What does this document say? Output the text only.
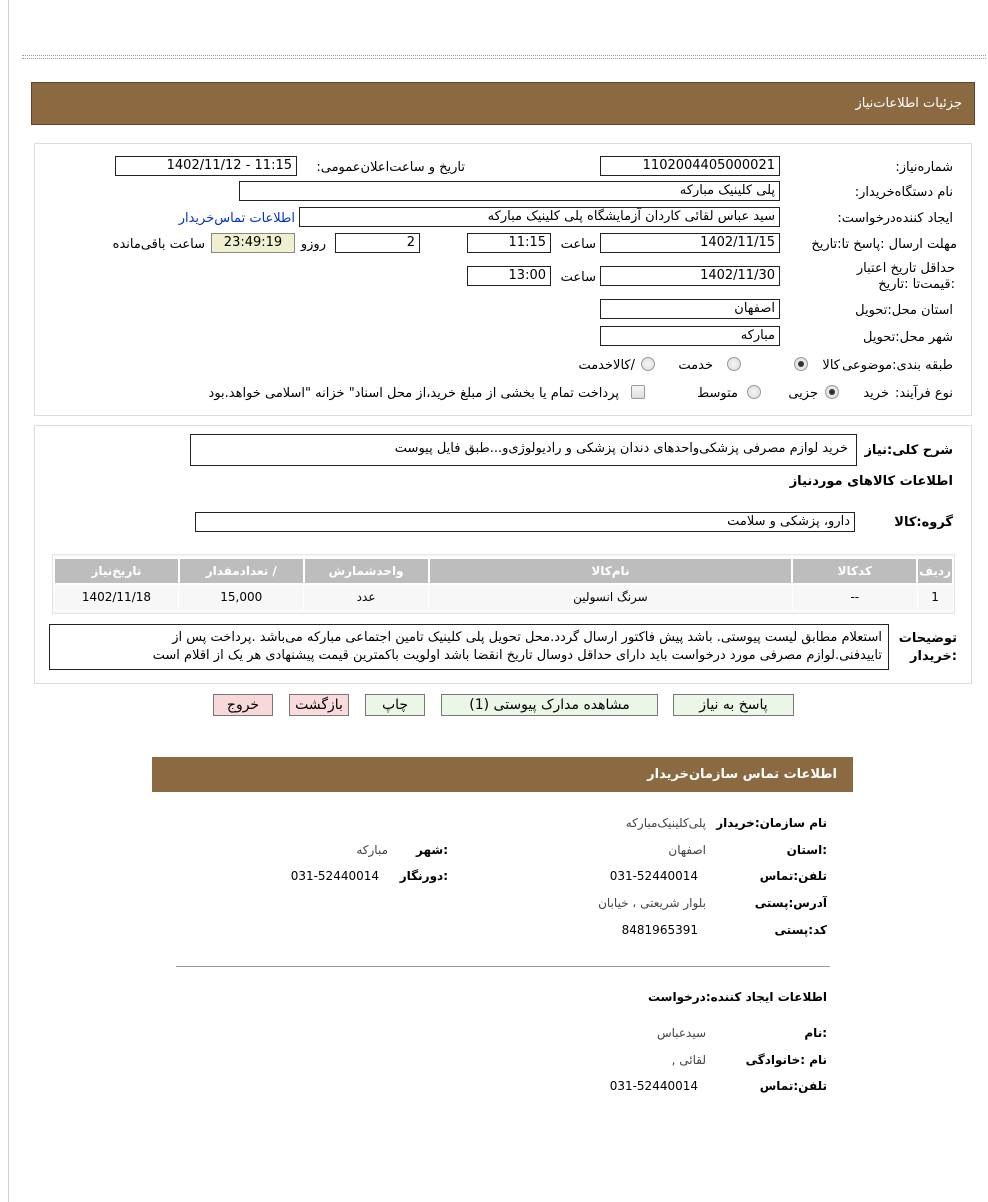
جزئیات اطلاعات‌نیاز
شماره‌نیاز:
1102004405000021
تاریخ و ساعت‌اعلان‌عمومی:
1402/11/12 - 11:15
نام دستگاه‌خریدار:
پلی کلینیک مبارکه
ایجاد کننده‌درخواست:
سید عباس لقائی کاردان آزمایشگاه پلی کلینیک مبارکه
اطلاعات تماس‌خریدار
مهلت ارسال :پاسخ تا:تاریخ
1402/11/15
ساعت
11:15
2
روزو
23:49:19
ساعت باقی‌مانده
حداقل تاریخ اعتبار :قیمت‌تا :تاریخ
1402/11/30
ساعت
13:00
استان محل:تحویل
اصفهان
شهر محل:تحویل
مبارکه
طبقه بندی:موضوعی
کالا
خدمت
/کالاخدمت
نوع فرآیند:
خرید
جزیی
متوسط
پرداخت تمام یا بخشی از مبلغ خرید،از محل اسناد" خزانه "اسلامی خواهد.بود
شرح کلی:نیاز
خرید لوازم مصرفی پزشکی‌واحدهای دندان پزشکی و رادیولوژی‌و...طبق فایل پیوست
اطلاعات کالاهای موردنیاز
گروه:کالا
دارو، پزشکی و سلامت
ردیف	کدکالا	نام‌کالا	واحدشمارش	/ تعدادمقدار	تاریخ‌نیاز
1	--	سرنگ انسولین	عدد	15,000	1402/11/18
توضیحات :خریدار
استعلام مطابق لیست پیوستی. باشد پیش فاکتور ارسال گردد.محل تحویل پلی کلینیک تامین اجتماعی مبارکه می‌باشد .پرداخت پس از
تاییدفنی.لوازم مصرفی مورد درخواست باید دارای حداقل دوسال تاریخ انقضا باشد اولویت باکمترین قیمت پیشنهادی هر یک از اقلام است
پاسخ به نیاز
مشاهده مدارک پیوستی (1)
چاپ
بازگشت
خروج
اطلاعات تماس سازمان‌خریدار
نام سازمان:خریدار
پلی‌کلینیک‌مبارکه
:استان
اصفهان
:شهر
مبارکه
تلفن:تماس
031-52440014
:دورنگار
031-52440014
آدرس:پستی
بلوار شریعتی ، خیابان
کد:پستی
8481965391
اطلاعات ایجاد کننده:درخواست
:نام
سیدعباس
نام :خانوادگی
لقائی ,
تلفن:تماس
031-52440014
